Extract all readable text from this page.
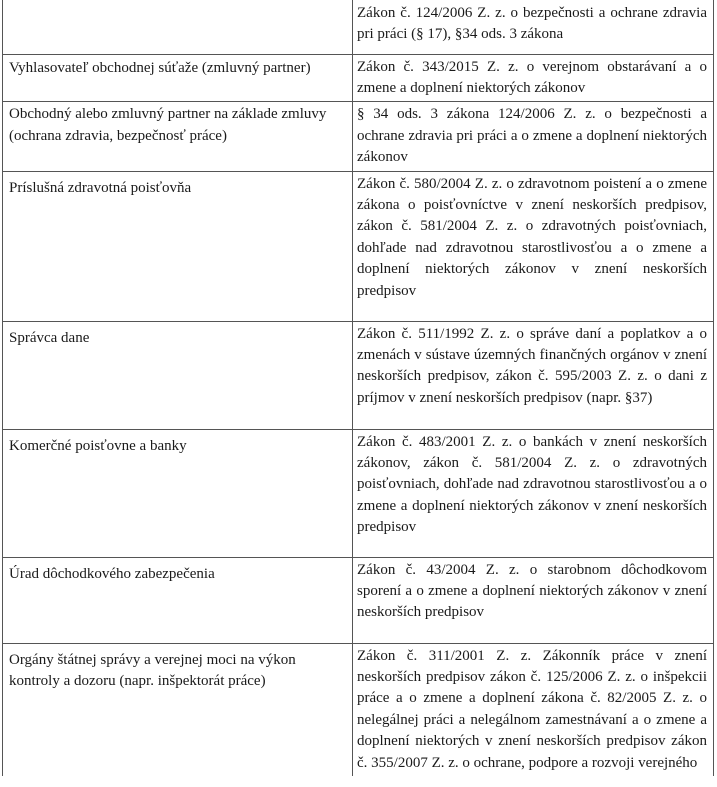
	Zákon č. 124/2006 Z. z. o bezpečnosti a ochrane zdravia pri práci (§ 17), §34 ods. 3 zákona
Vyhlasovateľ obchodnej súťaže (zmluvný partner)	Zákon č. 343/2015 Z. z. o verejnom obstarávaní a o zmene a doplnení niektorých zákonov
Obchodný alebo zmluvný partner na základe zmluvy (ochrana zdravia, bezpečnosť práce)	§ 34 ods. 3 zákona 124/2006 Z. z. o bezpečnosti a ochrane zdravia pri práci a o zmene a doplnení niektorých zákonov
Príslušná zdravotná poisťovňa	Zákon č. 580/2004 Z. z. o zdravotnom poistení a o zmene zákona o poisťovníctve v znení neskorších predpisov, zákon č. 581/2004 Z. z. o zdravotných poisťovniach, dohľade nad zdravotnou starostlivosťou a o zmene a doplnení niektorých zákonov v znení neskorších predpisov
Správca dane	Zákon č. 511/1992 Z. z. o správe daní a poplatkov a o zmenách v sústave územných finančných orgánov v znení neskorších predpisov, zákon č. 595/2003 Z. z. o dani z príjmov v znení neskorších predpisov (napr. §37)
Komerčné poisťovne a banky	Zákon č. 483/2001 Z. z. o bankách v znení neskorších zákonov, zákon č. 581/2004 Z. z. o zdravotných poisťovniach, dohľade nad zdravotnou starostlivosťou a o zmene a doplnení niektorých zákonov v znení neskorších predpisov
Úrad dôchodkového zabezpečenia	Zákon č. 43/2004 Z. z. o starobnom dôchodkovom sporení a o zmene a doplnení niektorých zákonov v znení neskorších predpisov
Orgány štátnej správy a verejnej moci na výkon kontroly a dozoru (napr. inšpektorát práce)	Zákon č. 311/2001 Z. z. Zákonník práce v znení neskorších predpisov zákon č. 125/2006 Z. z. o inšpekcii práce a o zmene a doplnení zákona č. 82/2005 Z. z. o nelegálnej práci a nelegálnom zamestnávaní a o zmene a doplnení niektorých v znení neskorších predpisov zákon č. 355/2007 Z. z. o ochrane, podpore a rozvoji verejného
